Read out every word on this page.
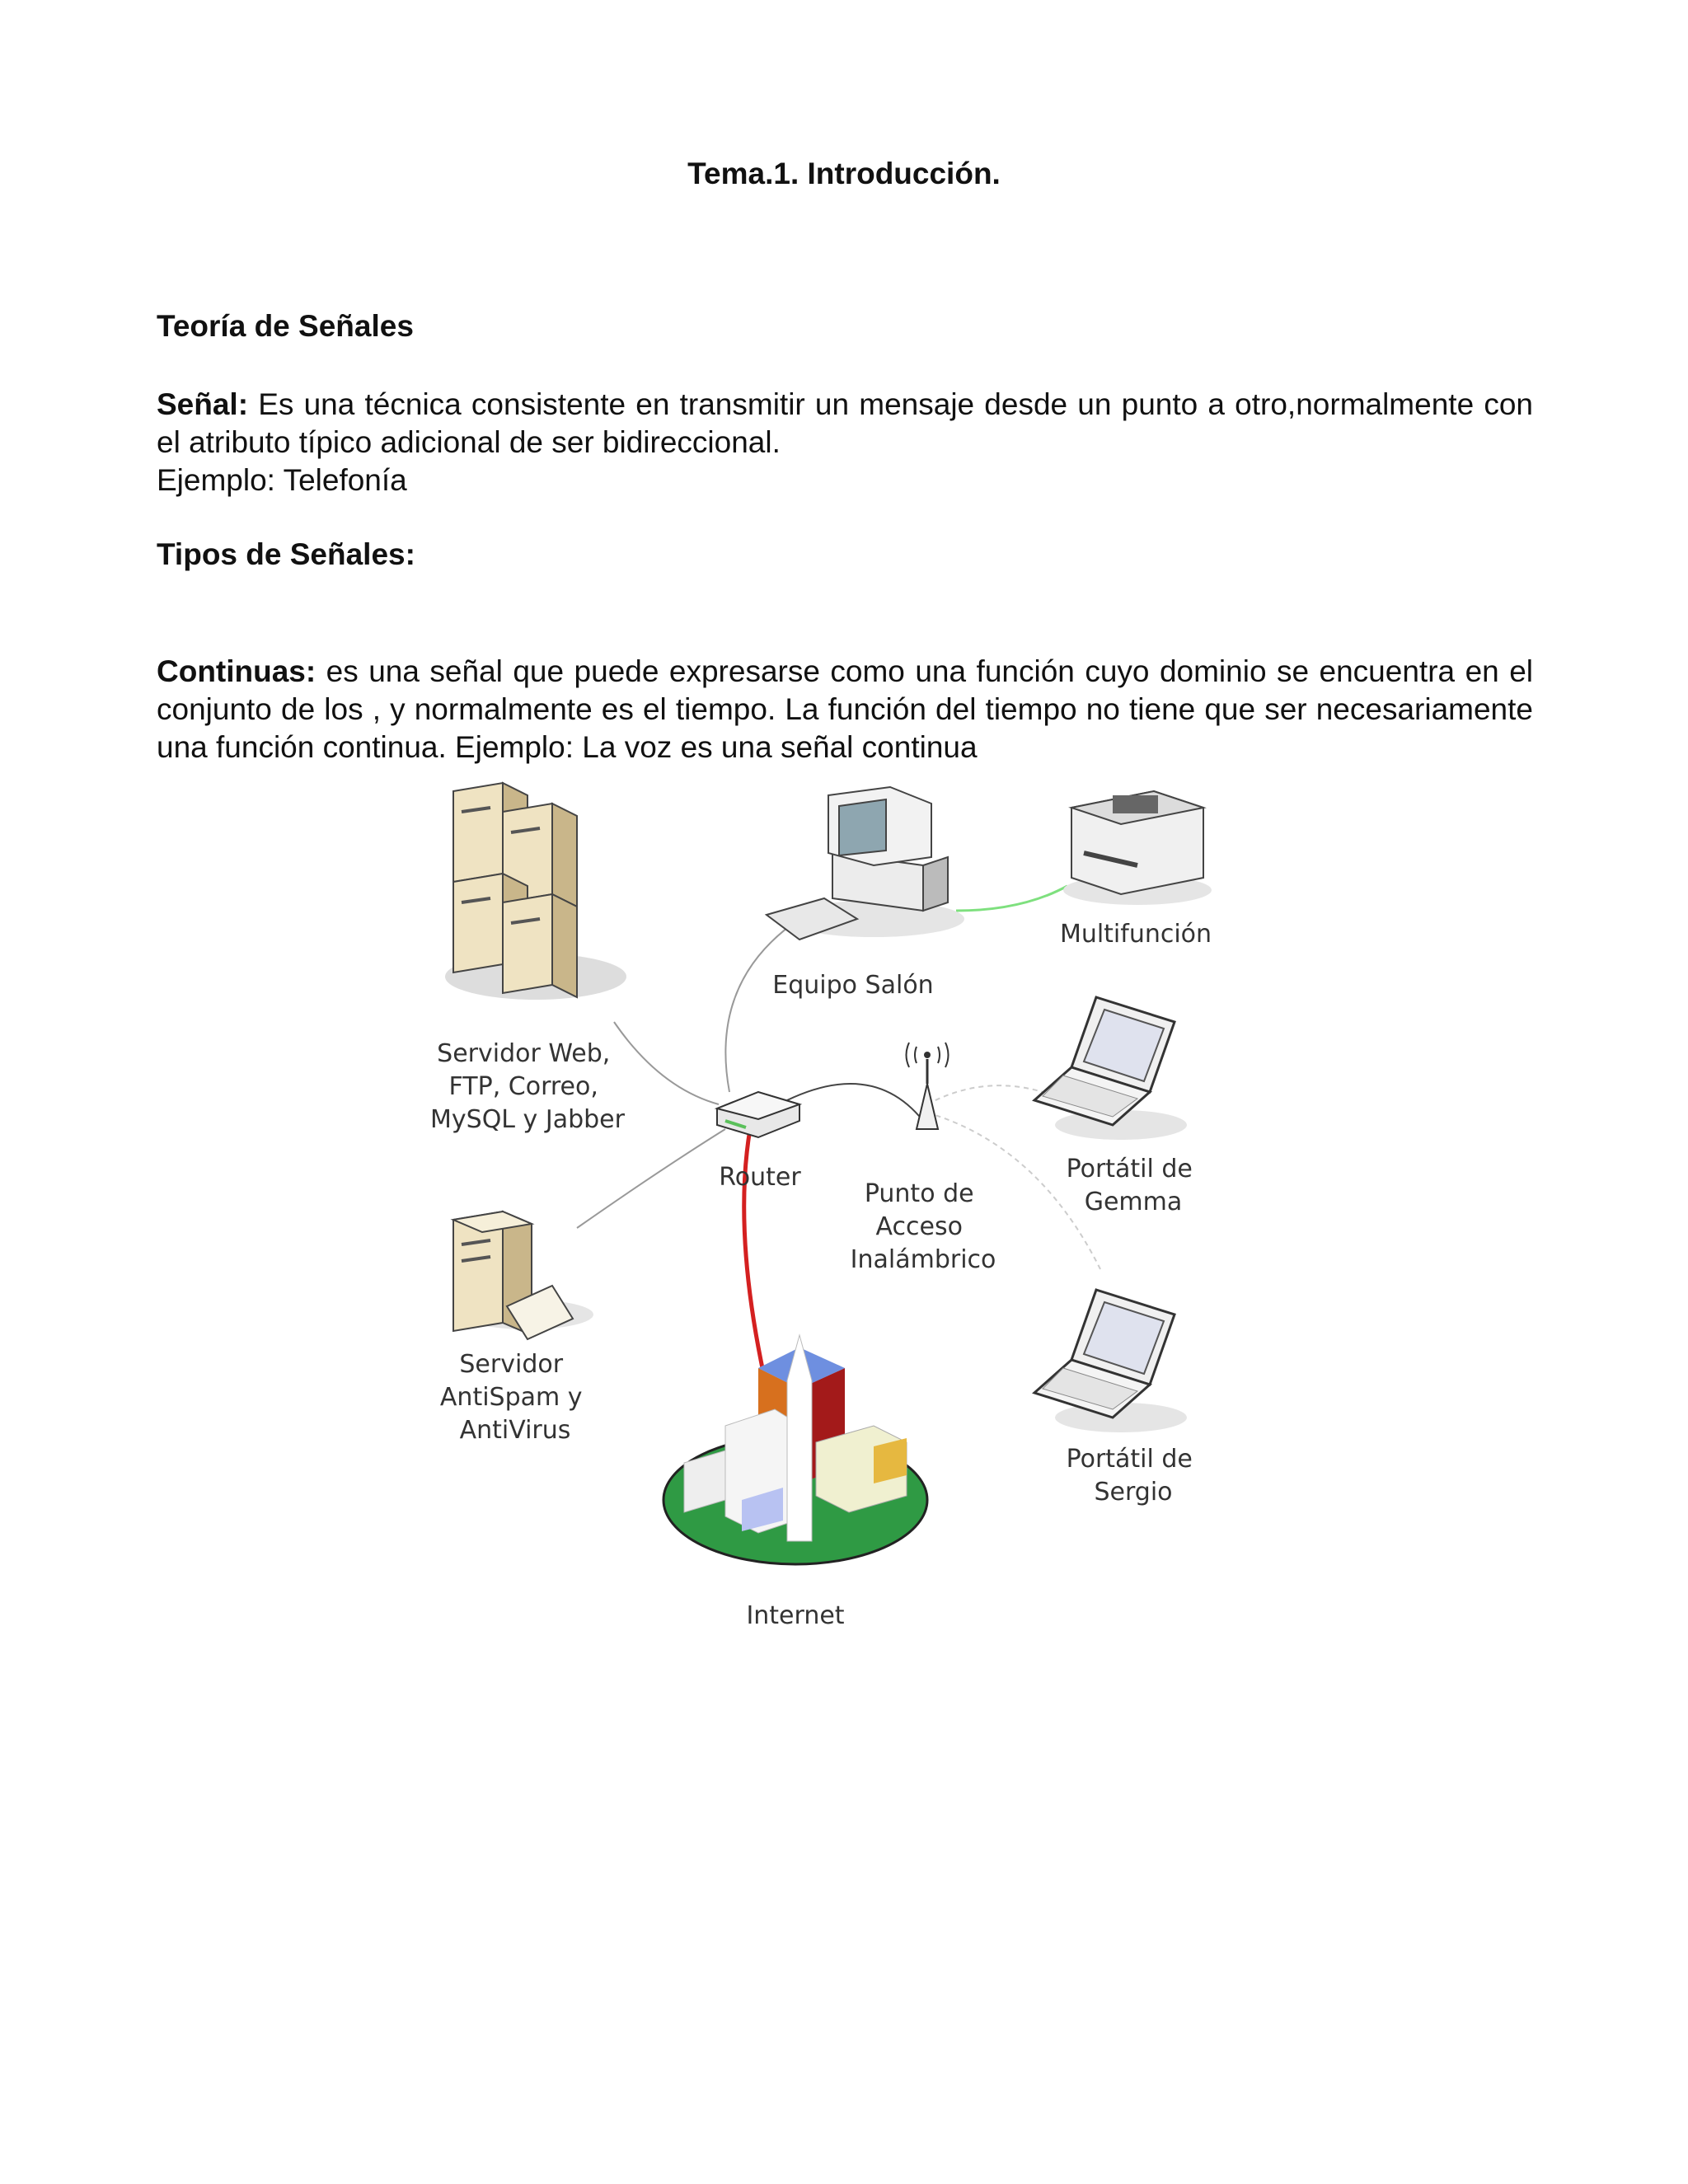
Tema.1. Introducción.
Teoría de Señales
Señal: Es una técnica consistente en transmitir un mensaje desde un punto a otro,normalmente con el atributo típico adicional de ser bidireccional.
Ejemplo: Telefonía
Tipos de Señales:
Continuas: es una señal que puede expresarse como una función cuyo dominio se encuentra en el conjunto de los , y normalmente es el tiempo. La función del tiempo no tiene que ser necesariamente una función continua. Ejemplo: La voz es una señal continua
Servidor Web, FTP, Correo, MySQL y Jabber
Equipo Salón
Multifunción
Router
Punto de Acceso Inalámbrico
Portátil de Gemma
Servidor AntiSpam y AntiVirus
Portátil de Sergio
Internet
